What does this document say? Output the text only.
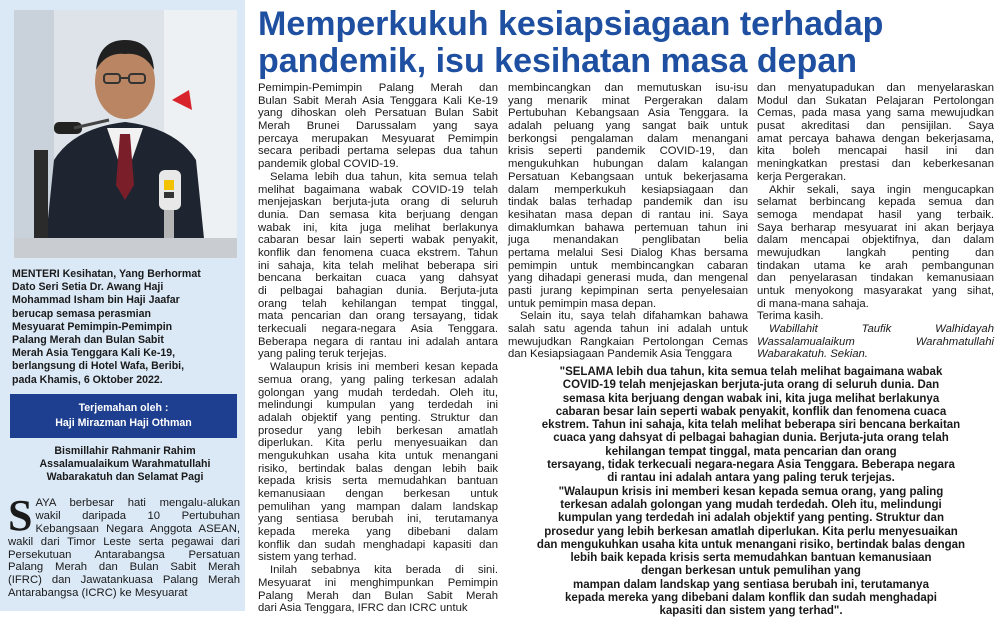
MENTERI Kesihatan, Yang Berhormat
Dato Seri Setia Dr. Awang Haji
Mohammad Isham bin Haji Jaafar
berucap semasa perasmian
Mesyuarat Pemimpin-Pemimpin
Palang Merah dan Bulan Sabit
Merah Asia Tenggara Kali Ke-19,
berlangsung di Hotel Wafa, Beribi,
pada Khamis, 6 Oktober 2022.
Terjemahan oleh :
Haji Mirazman Haji Othman
Bismillahir Rahmanir Rahim
Assalamualaikum Warahmatullahi
Wabarakatuh dan Selamat Pagi
S AYA berbesar hati mengalu-alukan
wakil daripada 10 Pertubuhan
Kebangsaan Negara Anggota ASEAN,
wakil dari Timor Leste serta pegawai dari
Persekutuan Antarabangsa Persatuan
Palang Merah dan Bulan Sabit Merah
(IFRC) dan Jawatankuasa Palang Merah
Antarabangsa (ICRC) ke Mesyuarat
Memperkukuh kesiapsiagaan terhadap
pandemik, isu kesihatan masa depan
Pemimpin-Pemimpin Palang Merah dan
Bulan Sabit Merah Asia Tenggara Kali Ke-19
yang dihoskan oleh Persatuan Bulan Sabit
Merah Brunei Darussalam yang saya
percaya merupakan Mesyuarat Pemimpin
secara peribadi pertama selepas dua tahun
pandemik global COVID-19.
Selama lebih dua tahun, kita semua telah
melihat bagaimana wabak COVID-19 telah
menjejaskan berjuta-juta orang di seluruh
dunia. Dan semasa kita berjuang dengan
wabak ini, kita juga melihat berlakunya
cabaran besar lain seperti wabak penyakit,
konflik dan fenomena cuaca ekstrem. Tahun
ini sahaja, kita telah melihat beberapa siri
bencana berkaitan cuaca yang dahsyat
di pelbagai bahagian dunia. Berjuta-juta
orang telah kehilangan tempat tinggal,
mata pencarian dan orang tersayang, tidak
terkecuali negara-negara Asia Tenggara.
Beberapa negara di rantau ini adalah antara
yang paling teruk terjejas.
Walaupun krisis ini memberi kesan kepada
semua orang, yang paling terkesan adalah
golongan yang mudah terdedah. Oleh itu,
melindungi kumpulan yang terdedah ini
adalah objektif yang penting. Struktur dan
prosedur yang lebih berkesan amatlah
diperlukan. Kita perlu menyesuaikan dan
mengukuhkan usaha kita untuk menangani
risiko, bertindak balas dengan lebih baik
kepada krisis serta memudahkan bantuan
kemanusiaan dengan berkesan untuk
pemulihan yang mampan dalam landskap
yang sentiasa berubah ini, terutamanya
kepada mereka yang dibebani dalam
konflik dan sudah menghadapi kapasiti dan
sistem yang terhad.
Inilah sebabnya kita berada di sini.
Mesyuarat ini menghimpunkan Pemimpin
Palang Merah dan Bulan Sabit Merah
dari Asia Tenggara, IFRC dan ICRC untuk
membincangkan dan memutuskan isu-isu
yang menarik minat Pergerakan dalam
Pertubuhan Kebangsaan Asia Tenggara. Ia
adalah peluang yang sangat baik untuk
berkongsi pengalaman dalam menangani
krisis seperti pandemik COVID-19, dan
mengukuhkan hubungan dalam kalangan
Persatuan Kebangsaan untuk bekerjasama
dalam memperkukuh kesiapsiagaan dan
tindak balas terhadap pandemik dan isu
kesihatan masa depan di rantau ini. Saya
dimaklumkan bahawa pertemuan tahun ini
juga menandakan penglibatan belia
pertama melalui Sesi Dialog Khas bersama
pemimpin untuk membincangkan cabaran
yang dihadapi generasi muda, dan mengenal
pasti jurang kepimpinan serta penyelesaian
untuk pemimpin masa depan.
Selain itu, saya telah difahamkan bahawa
salah satu agenda tahun ini adalah untuk
mewujudkan Rangkaian Pertolongan Cemas
dan Kesiapsiagaan Pandemik Asia Tenggara
dan menyatupadukan dan menyelaraskan
Modul dan Sukatan Pelajaran Pertolongan
Cemas, pada masa yang sama mewujudkan
pusat akreditasi dan pensijilan. Saya
amat percaya bahawa dengan bekerjasama,
kita boleh mencapai hasil ini dan
meningkatkan prestasi dan keberkesanan
kerja Pergerakan.
Akhir sekali, saya ingin mengucapkan
selamat berbincang kepada semua dan
semoga mendapat hasil yang terbaik.
Saya berharap mesyuarat ini akan berjaya
dalam mencapai objektifnya, dan dalam
mewujudkan langkah penting dan
tindakan utama ke arah pembangunan
dan penyelarasan tindakan kemanusiaan
untuk menyokong masyarakat yang sihat,
di mana-mana sahaja.
Terima kasih.
Wabillahit Taufik Walhidayah
Wassalamualaikum Warahmatullahi
Wabarakatuh. Sekian.
"SELAMA lebih dua tahun, kita semua telah melihat bagaimana wabak
COVID-19 telah menjejaskan berjuta-juta orang di seluruh dunia. Dan
semasa kita berjuang dengan wabak ini, kita juga melihat berlakunya
cabaran besar lain seperti wabak penyakit, konflik dan fenomena cuaca
ekstrem. Tahun ini sahaja, kita telah melihat beberapa siri bencana berkaitan
cuaca yang dahsyat di pelbagai bahagian dunia. Berjuta-juta orang telah
kehilangan tempat tinggal, mata pencarian dan orang
tersayang, tidak terkecuali negara-negara Asia Tenggara. Beberapa negara
di rantau ini adalah antara yang paling teruk terjejas.
"Walaupun krisis ini memberi kesan kepada semua orang, yang paling
terkesan adalah golongan yang mudah terdedah. Oleh itu, melindungi
kumpulan yang terdedah ini adalah objektif yang penting. Struktur dan
prosedur yang lebih berkesan amatlah diperlukan. Kita perlu menyesuaikan
dan mengukuhkan usaha kita untuk menangani risiko, bertindak balas dengan
lebih baik kepada krisis serta memudahkan bantuan kemanusiaan
dengan berkesan untuk pemulihan yang
mampan dalam landskap yang sentiasa berubah ini, terutamanya
kepada mereka yang dibebani dalam konflik dan sudah menghadapi
kapasiti dan sistem yang terhad".
